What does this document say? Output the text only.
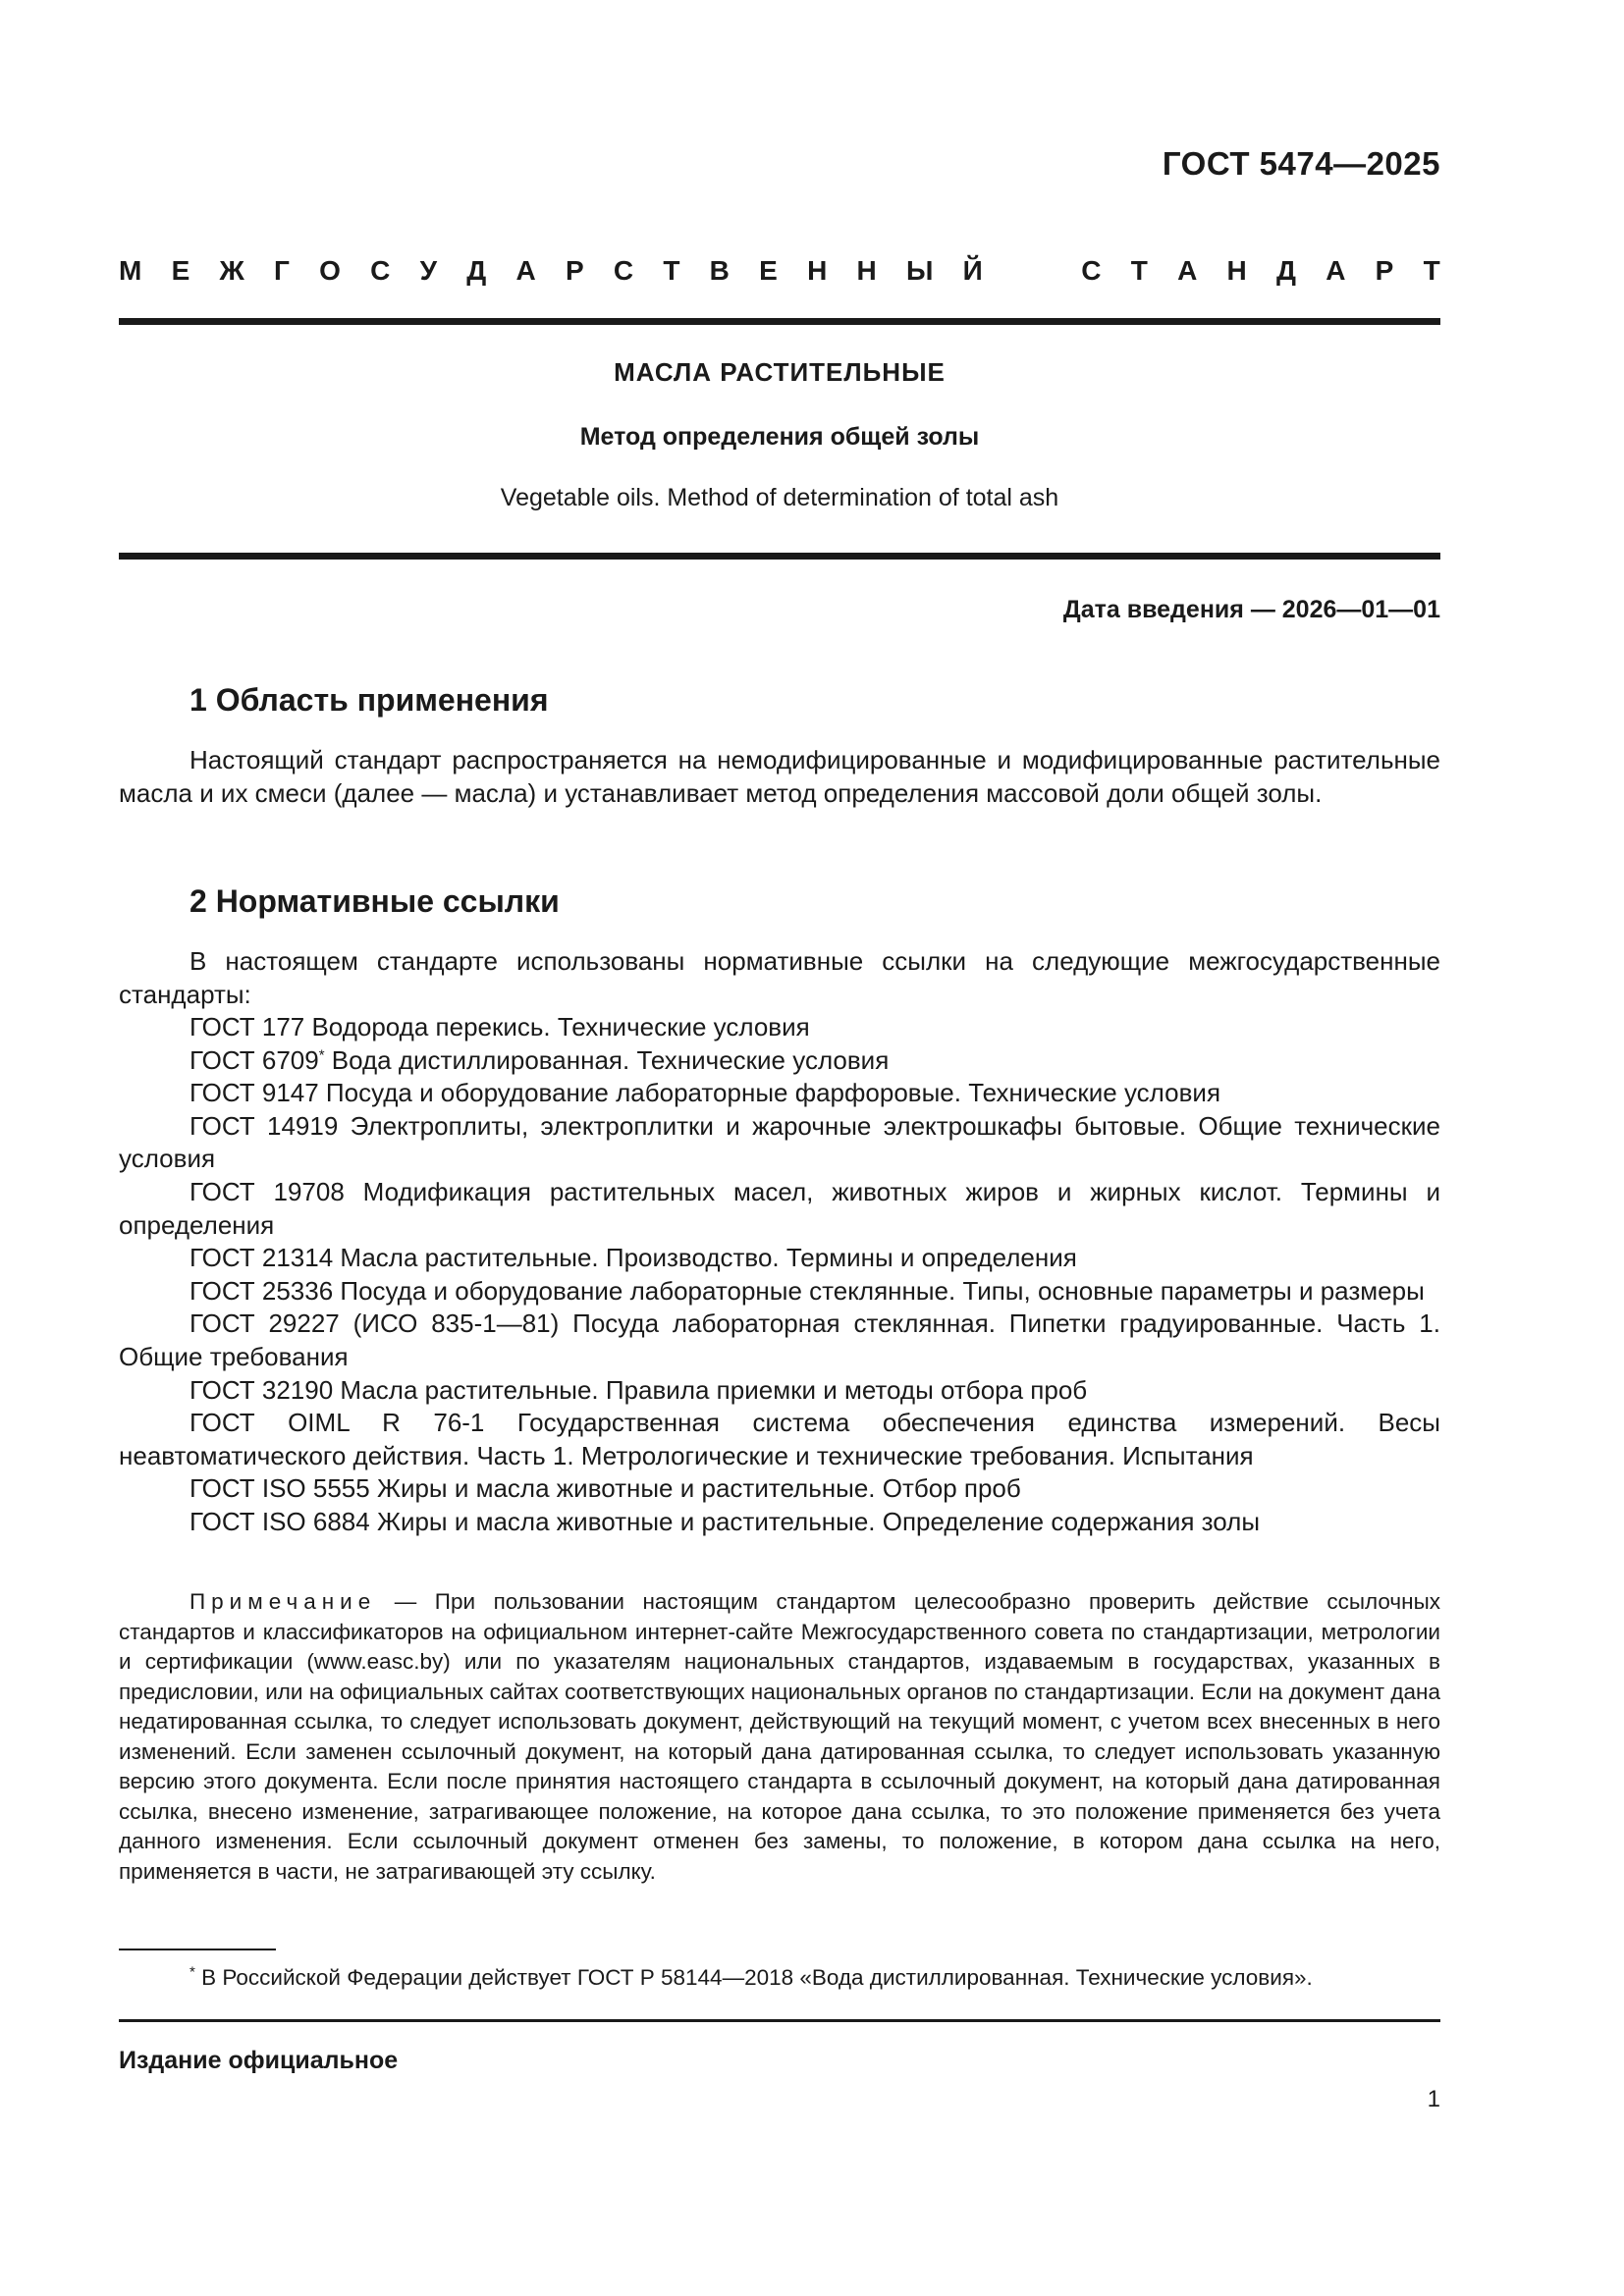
ГОСТ 5474—2025
М Е Ж Г О С У Д А Р С Т В Е Н Н Ы Й	С Т А Н Д А Р Т
МАСЛА РАСТИТЕЛЬНЫЕ
Метод определения общей золы
Vegetable oils. Method of determination of total ash
Дата введения — 2026—01—01
1 Область применения
Настоящий стандарт распространяется на немодифицированные и модифицированные растительные масла и их смеси (далее — масла) и устанавливает метод определения массовой доли общей золы.
2 Нормативные ссылки
В настоящем стандарте использованы нормативные ссылки на следующие межгосударственные стандарты:
ГОСТ 177 Водорода перекись. Технические условия
ГОСТ 6709* Вода дистиллированная. Технические условия
ГОСТ 9147 Посуда и оборудование лабораторные фарфоровые. Технические условия
ГОСТ 14919 Электроплиты, электроплитки и жарочные электрошкафы бытовые. Общие технические условия
ГОСТ 19708 Модификация растительных масел, животных жиров и жирных кислот. Термины и определения
ГОСТ 21314 Масла растительные. Производство. Термины и определения
ГОСТ 25336 Посуда и оборудование лабораторные стеклянные. Типы, основные параметры и размеры
ГОСТ 29227 (ИСО 835-1—81) Посуда лабораторная стеклянная. Пипетки градуированные. Часть 1. Общие требования
ГОСТ 32190 Масла растительные. Правила приемки и методы отбора проб
ГОСТ OIML R 76-1 Государственная система обеспечения единства измерений. Весы неавтоматического действия. Часть 1. Метрологические и технические требования. Испытания
ГОСТ ISO 5555 Жиры и масла животные и растительные. Отбор проб
ГОСТ ISO 6884 Жиры и масла животные и растительные. Определение содержания золы
Примечание — При пользовании настоящим стандартом целесообразно проверить действие ссылочных стандартов и классификаторов на официальном интернет-сайте Межгосударственного совета по стандартизации, метрологии и сертификации (www.easc.by) или по указателям национальных стандартов, издаваемым в государствах, указанных в предисловии, или на официальных сайтах соответствующих национальных органов по стандартизации. Если на документ дана недатированная ссылка, то следует использовать документ, действующий на текущий момент, с учетом всех внесенных в него изменений. Если заменен ссылочный документ, на который дана датированная ссылка, то следует использовать указанную версию этого документа. Если после принятия настоящего стандарта в ссылочный документ, на который дана датированная ссылка, внесено изменение, затрагивающее положение, на которое дана ссылка, то это положение применяется без учета данного изменения. Если ссылочный документ отменен без замены, то положение, в котором дана ссылка на него, применяется в части, не затрагивающей эту ссылку.
* В Российской Федерации действует ГОСТ Р 58144—2018 «Вода дистиллированная. Технические условия».
Издание официальное
1
